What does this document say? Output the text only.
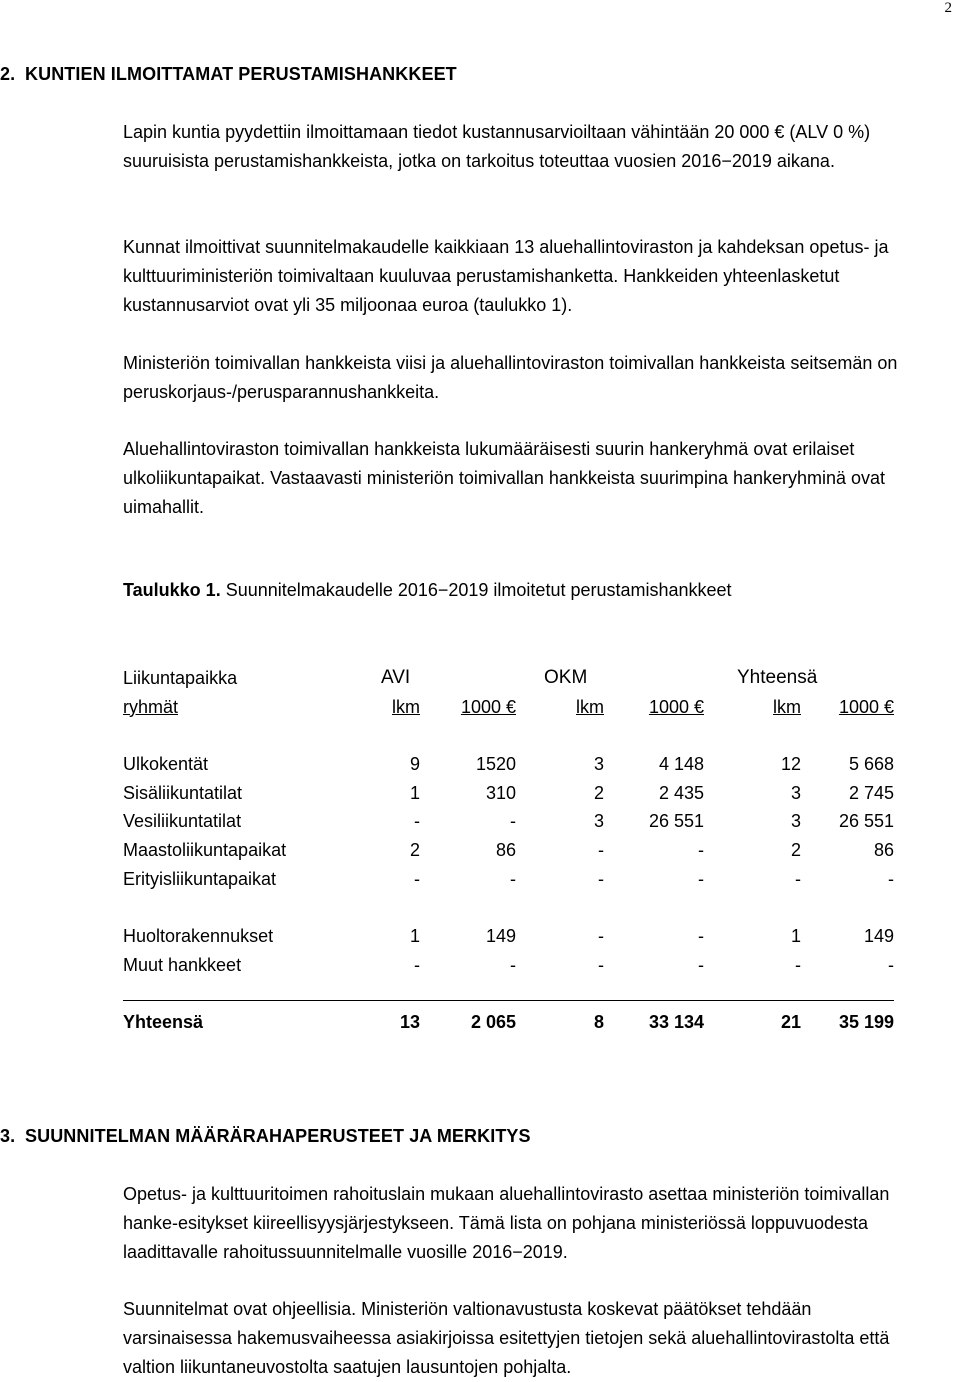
2
2. KUNTIEN ILMOITTAMAT PERUSTAMISHANKKEET

Lapin kuntia pyydettiin ilmoittamaan tiedot kustannusarvioiltaan vähintään 20 000 € (ALV 0 %) suuruisista perustamishankkeista, jotka on tarkoitus toteuttaa vuosien 2016−2019 aikana.

Kunnat ilmoittivat suunnitelmakaudelle kaikkiaan 13 aluehallintoviraston ja kahdeksan opetus- ja kulttuuriministeriön toimivaltaan kuuluvaa perustamishanketta. Hankkeiden yhteenlasketut kustannusarviot ovat yli 35 miljoonaa euroa (taulukko 1).

Ministeriön toimivallan hankkeista viisi ja aluehallintoviraston toimivallan hankkeista seitsemän on peruskorjaus-/perusparannushankkeita.

Aluehallintoviraston toimivallan hankkeista lukumääräisesti suurin hankeryhmä ovat erilaiset ulkoliikuntapaikat. Vastaavasti ministeriön toimivallan hankkeista suurimpina hankeryhminä ovat uimahallit.

Taulukko 1. Suunnitelmakaudelle 2016−2019 ilmoitetut perustamishankkeet
Liikuntapaikka	AVI		OKM		Yhteensä	
ryhmät	lkm	1000 €	lkm	1000 €	lkm	1000 €

Ulkokentät	9	1520	3	4 148	12	5 668
Sisäliikuntatilat	1	310	2	2 435	3	2 745
Vesiliikuntatilat	-	-	3	26 551	3	26 551
Maastoliikuntapaikat	2	86	-	-	2	86
Erityisliikuntapaikat	-	-	-	-	-	-

Huoltorakennukset	1	149	-	-	1	149
Muut hankkeet	-	-	-	-	-	-

Yhteensä	13	2 065	8	33 134	21	35 199
3. SUUNNITELMAN MÄÄRÄRAHAPERUSTEET JA MERKITYS

Opetus- ja kulttuuritoimen rahoituslain mukaan aluehallintovirasto asettaa ministeriön toimivallan hanke-esitykset kiireellisyysjärjestykseen. Tämä lista on pohjana ministeriössä loppuvuodesta laadittavalle rahoitussuunnitelmalle vuosille 2016−2019.

Suunnitelmat ovat ohjeellisia. Ministeriön valtionavustusta koskevat päätökset tehdään varsinaisessa hakemusvaiheessa asiakirjoissa esitettyjen tietojen sekä aluehallintovirastolta että valtion liikuntaneuvostolta saatujen lausuntojen pohjalta.
